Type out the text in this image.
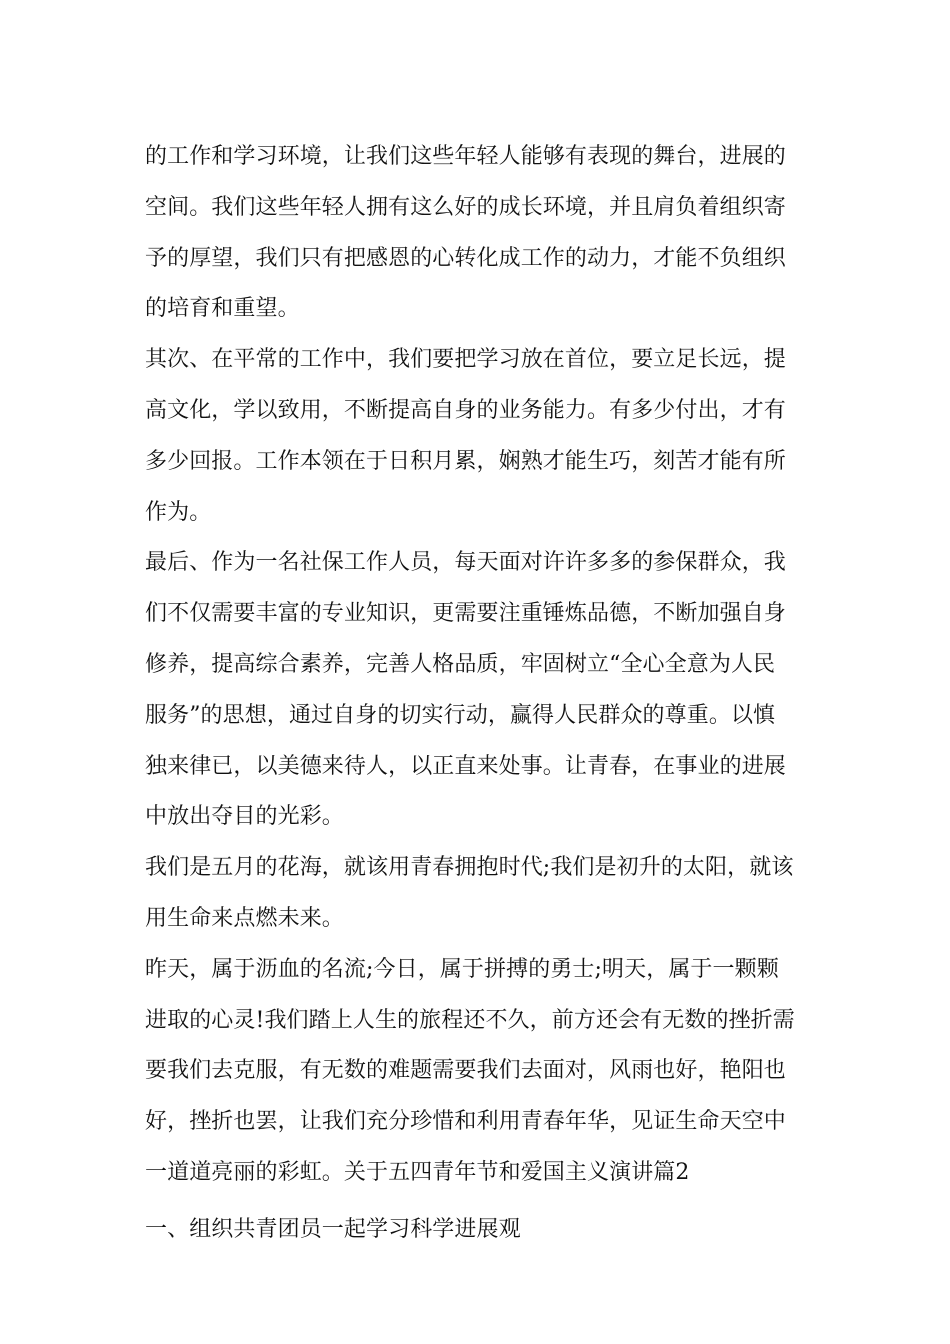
的工作和学习环境，让我们这些年轻人能够有表现的舞台，进展的
空间。我们这些年轻人拥有这么好的成长环境，并且肩负着组织寄
予的厚望，我们只有把感恩的心转化成工作的动力，才能不负组织
的培育和重望。
其次、在平常的工作中，我们要把学习放在首位，要立足长远，提
高文化，学以致用，不断提高自身的业务能力。有多少付出，才有
多少回报。工作本领在于日积月累，娴熟才能生巧，刻苦才能有所
作为。
最后、作为一名社保工作人员，每天面对许许多多的参保群众，我
们不仅需要丰富的专业知识，更需要注重锤炼品德，不断加强自身
修养，提高综合素养，完善人格品质，牢固树立“全心全意为人民
服务”的思想，通过自身的切实行动，赢得人民群众的尊重。以慎
独来律已，以美德来待人，以正直来处事。让青春，在事业的进展
中放出夺目的光彩。
我们是五月的花海，就该用青春拥抱时代;我们是初升的太阳，就该
用生命来点燃未来。
昨天，属于沥血的名流;今日，属于拼搏的勇士;明天，属于一颗颗
进取的心灵!我们踏上人生的旅程还不久，前方还会有无数的挫折需
要我们去克服，有无数的难题需要我们去面对，风雨也好，艳阳也
好，挫折也罢，让我们充分珍惜和利用青春年华，见证生命天空中
一道道亮丽的彩虹。关于五四青年节和爱国主义演讲篇2
一、组织共青团员一起学习科学进展观
